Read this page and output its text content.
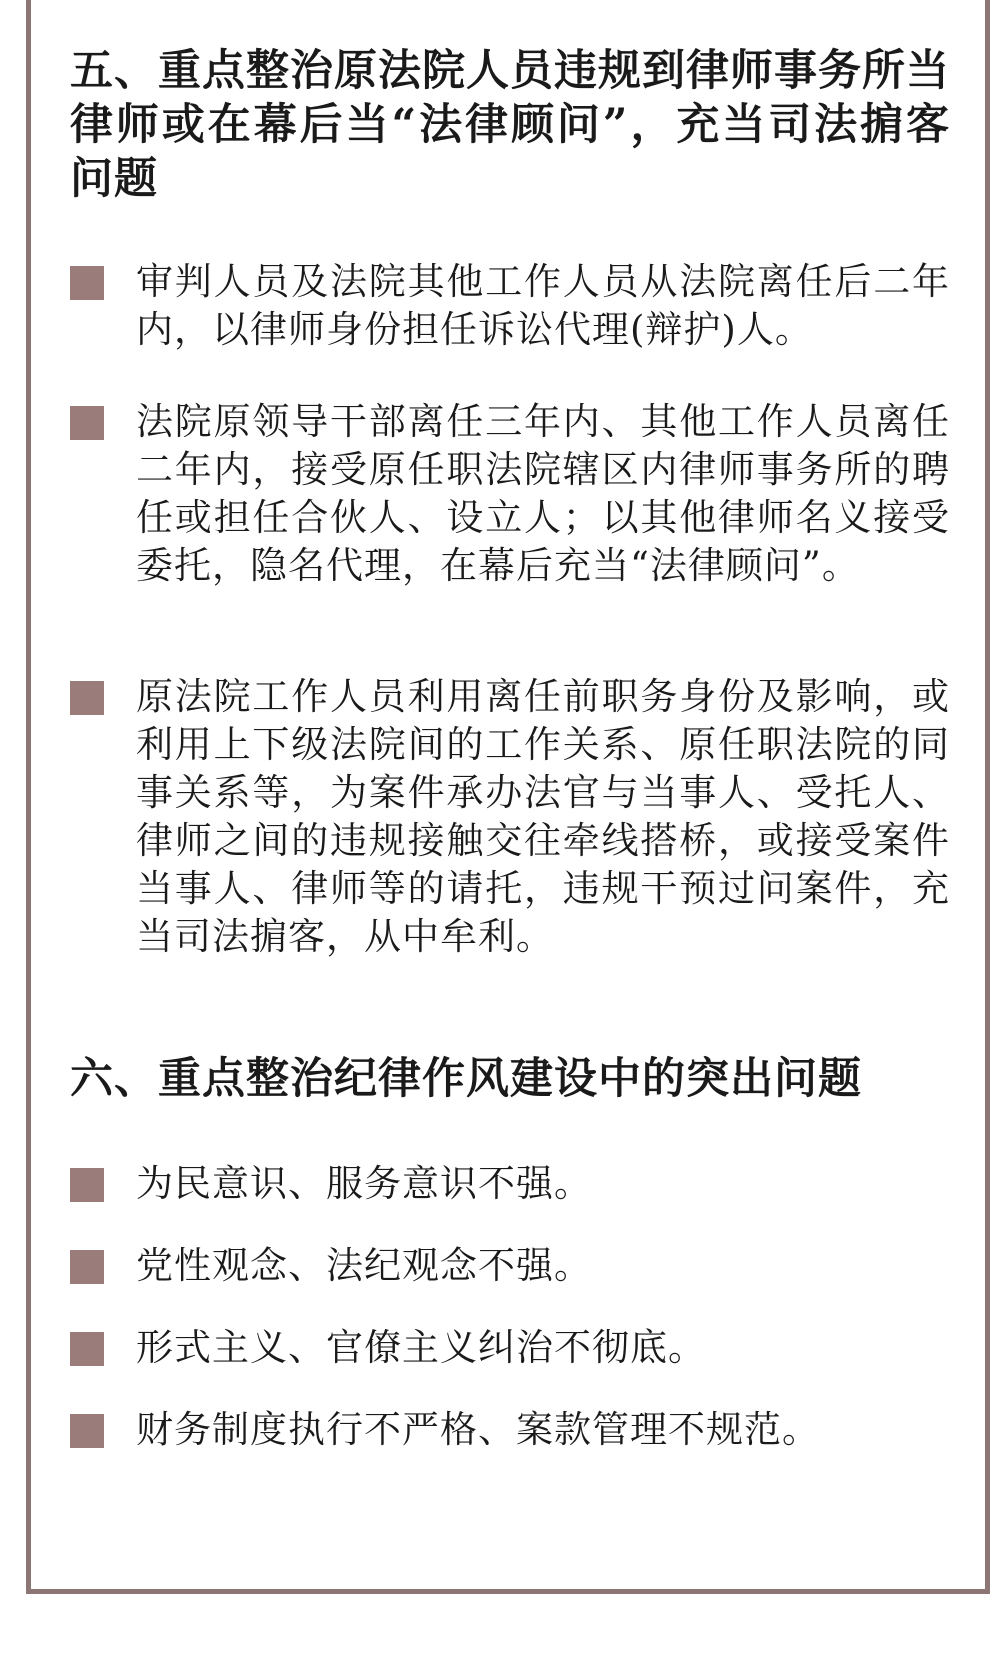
五、重点整治原法院人员违规到律师事务所当律师或在幕后当“法律顾问”，充当司法掮客问题
审判人员及法院其他工作人员从法院离任后二年内，以律师身份担任诉讼代理(辩护)人。
法院原领导干部离任三年内、其他工作人员离任二年内，接受原任职法院辖区内律师事务所的聘任或担任合伙人、设立人；以其他律师名义接受委托，隐名代理，在幕后充当“法律顾问”。
原法院工作人员利用离任前职务身份及影响，或利用上下级法院间的工作关系、原任职法院的同事关系等，为案件承办法官与当事人、受托人、律师之间的违规接触交往牵线搭桥，或接受案件当事人、律师等的请托，违规干预过问案件，充当司法掮客，从中牟利。
六、重点整治纪律作风建设中的突出问题
为民意识、服务意识不强。
党性观念、法纪观念不强。
形式主义、官僚主义纠治不彻底。
财务制度执行不严格、案款管理不规范。
